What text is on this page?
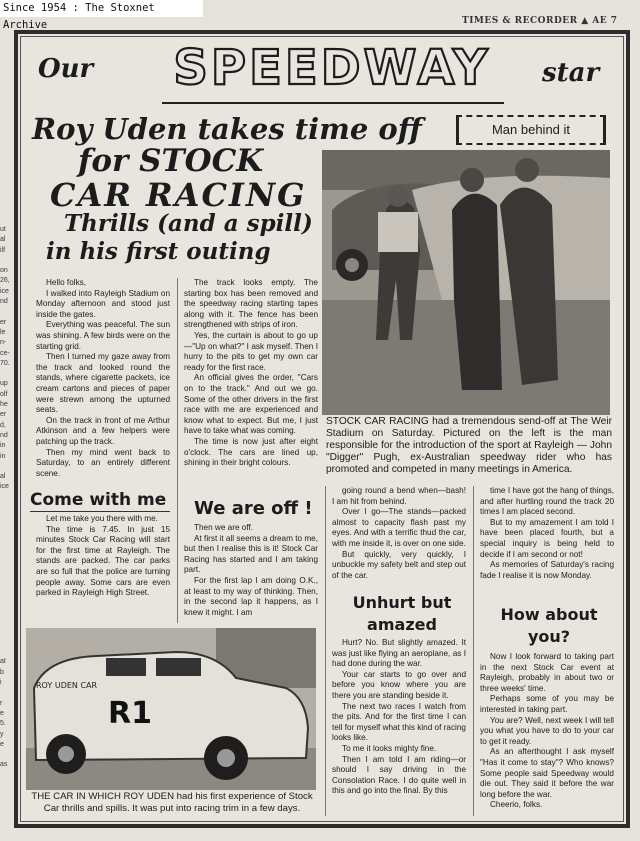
ut
al
ilf
on
26,
ice
nd
er
le
n-
ce-
70.
up
olf
he
er
d,
nd
in
in
al
ice
at
b
i
r
e
5.
y
e
as
Since 1954 : The Stoxnet Archive	TIMES & RECORDER ▲ AE 7
Our SPEEDWAY	star
Roy Uden takes time off
for STOCK
CAR RACING
Thrills (and a spill)
in his first outing
Man behind it
STOCK CAR RACING had a tremendous send-off at The Weir Stadium on Saturday. Pictured on the left is the man responsible for the introduction of the sport at Rayleigh — John "Digger" Pugh, ex-Australian speedway rider who has promoted and competed in many meetings in America.
ROY UDEN CAR
R1
THE CAR IN WHICH ROY UDEN had his first experience of Stock Car thrills and spills. It was put into racing trim in a few days.

Hello folks,

I walked into Rayleigh Stadium on Monday afternoon and stood just inside the gates.

Everything was peaceful. The sun was shining. A few birds were on the starting grid.

Then I turned my gaze away from the track and looked round the stands, where cigarette packets, ice cream cartons and pieces of paper were strewn among the upturned seats.

On the track in front of me Arthur Atkinson and a few helpers were patching up the track.

Then my mind went back to Saturday, to an entirely different scene.

Come with me

Let me take you there with me.

The time is 7.45. In just 15 minutes Stock Car Racing will start for the first time at Rayleigh. The stands are packed. The car parks are so full that the police are turning people away. Some cars are even parked in Rayleigh High Street.

The track looks empty. The starting box has been removed and the speedway racing starting tapes along with it. The fence has been strengthened with strips of iron.

Yes, the curtain is about to go up—"Up on what?" I ask myself. Then I hurry to the pits to get my own car ready for the first race.

An official gives the order, "Cars on to the track." And out we go. Some of the other drivers in the first race with me are experienced and know what to expect. But me, I just have to take what was coming.

The time is now just after eight o'clock. The cars are lined up, shining in their bright colours.

We are off !

Then we are off.

At first it all seems a dream to me, but then I realise this is it! Stock Car Racing has started and I am taking part.

For the first lap I am doing O.K., at least to my way of thinking. Then, in the second lap it happens, as I knew it might. I am

going round a bend when—bash! I am hit from behind.

Over I go—The stands—packed almost to capacity flash past my eyes. And with a terrific thud the car, with me inside it, is over on one side.

But quickly, very quickly, I unbuckle my safety belt and step out of the car.

Unhurt but amazed

Hurt? No. But slightly amazed. It was just like flying an aeroplane, as I had done during the war.

Your car starts to go over and before you know where you are there you are standing beside it.

The next two races I watch from the pits. And for the first time I can tell for myself what this kind of racing looks like.

To me it looks mighty fine.

Then I am told I am riding—or should I say driving in the Consolation Race. I do quite well in this and go into the final. By this

time I have got the hang of things, and after hurtling round the track 20 times I am placed second.

But to my amazement I am told I have been placed fourth, but a special inquiry is being held to decide if I am second or not!

As memories of Saturday's racing fade I realise it is now Monday.

How about you?

Now I look forward to taking part in the next Stock Car event at Rayleigh, probably in about two or three weeks' time.

Perhaps some of you may be interested in taking part.

You are? Well, next week I will tell you what you have to do to your car to get it ready.

As an afterthought I ask myself "Has it come to stay"? Who knows? Some people said Speedway would die out. They said it before the war long before the war.

Cheerio, folks.
